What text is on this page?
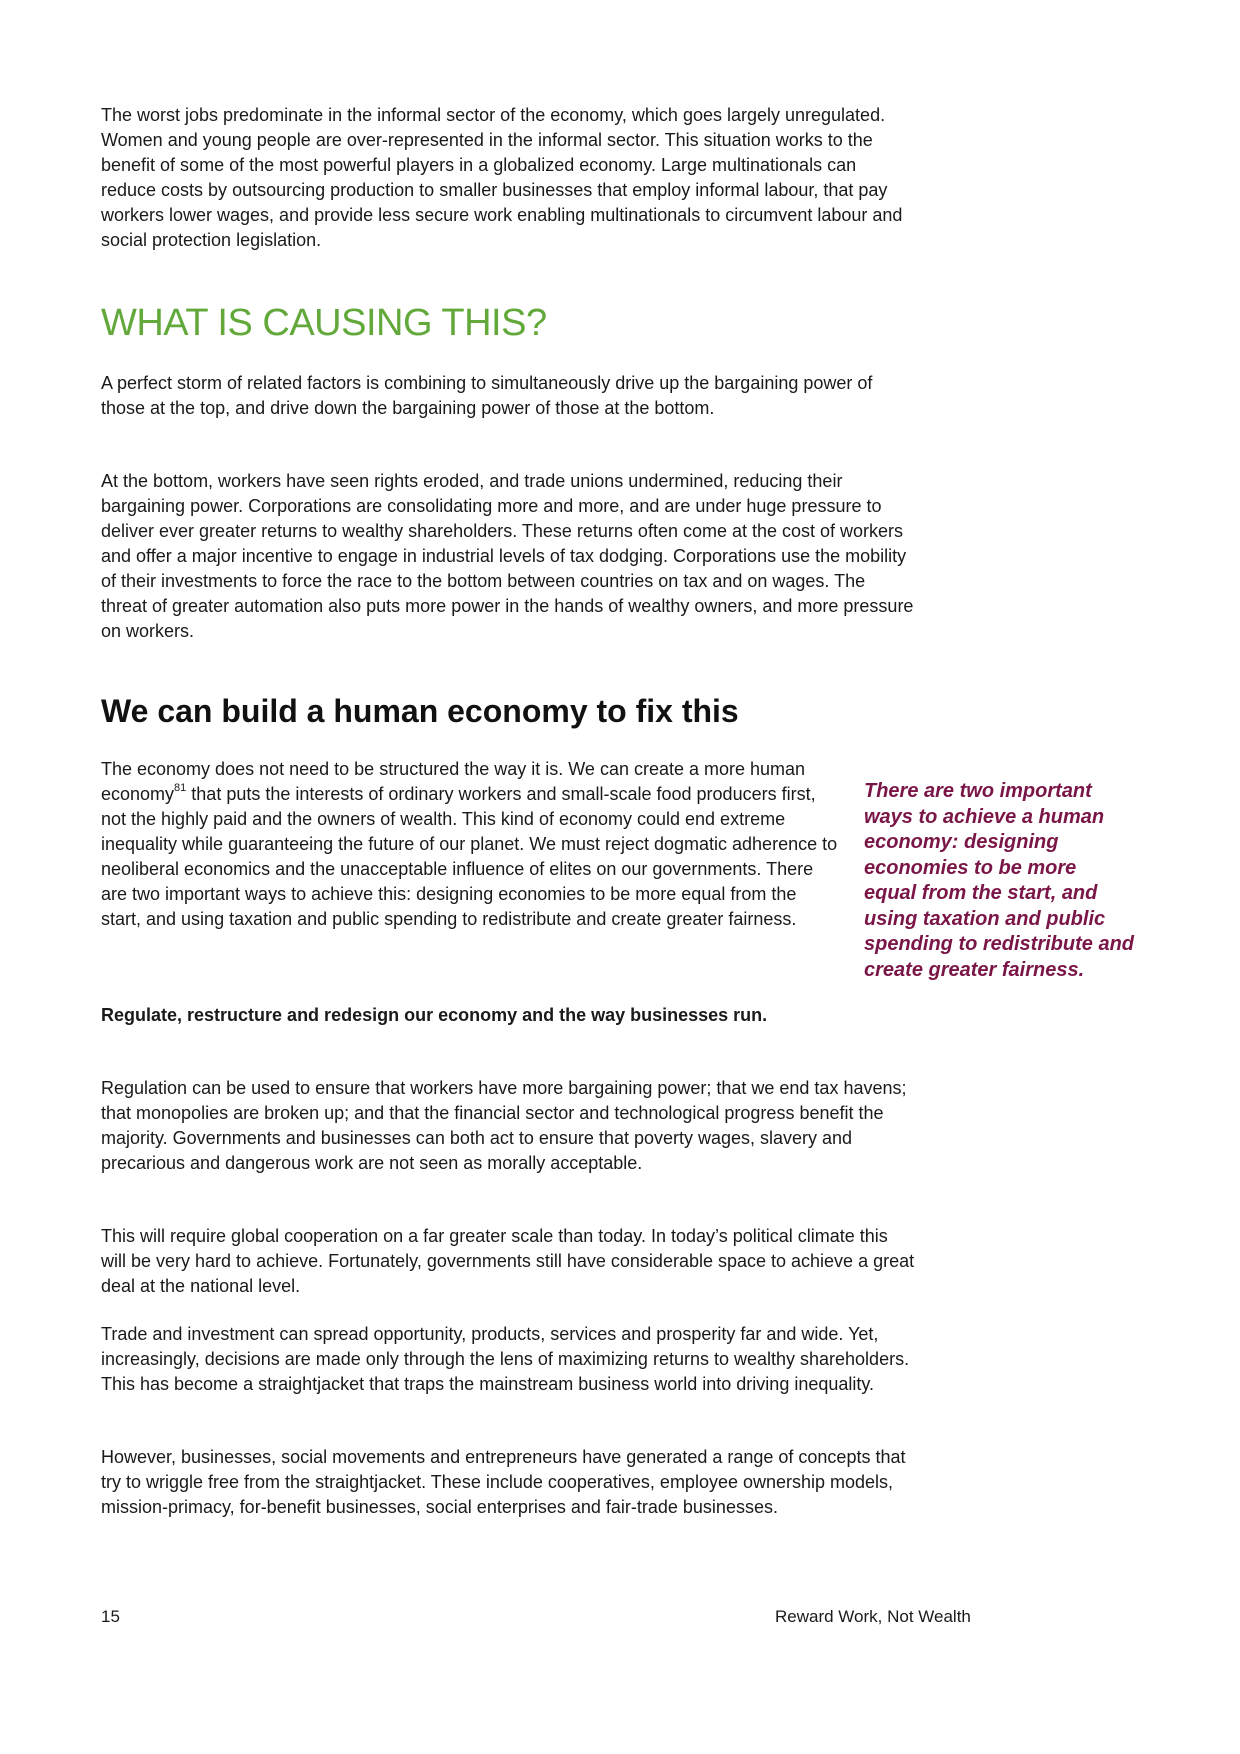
The worst jobs predominate in the informal sector of the economy, which goes largely unregulated. Women and young people are over-represented in the informal sector. This situation works to the benefit of some of the most powerful players in a globalized economy. Large multinationals can reduce costs by outsourcing production to smaller businesses that employ informal labour, that pay workers lower wages, and provide less secure work enabling multinationals to circumvent labour and social protection legislation.

WHAT IS CAUSING THIS?

A perfect storm of related factors is combining to simultaneously drive up the bargaining power of those at the top, and drive down the bargaining power of those at the bottom.

At the bottom, workers have seen rights eroded, and trade unions undermined, reducing their bargaining power. Corporations are consolidating more and more, and are under huge pressure to deliver ever greater returns to wealthy shareholders. These returns often come at the cost of workers and offer a major incentive to engage in industrial levels of tax dodging. Corporations use the mobility of their investments to force the race to the bottom between countries on tax and on wages. The threat of greater automation also puts more power in the hands of wealthy owners, and more pressure on workers.

We can build a human economy to fix this

The economy does not need to be structured the way it is. We can create a more human economy$^{81}$ that puts the interests of ordinary workers and small-scale food producers first, not the highly paid and the owners of wealth. This kind of economy could end extreme inequality while guaranteeing the future of our planet. We must reject dogmatic adherence to neoliberal economics and the unacceptable influence of elites on our governments. There are two important ways to achieve this: designing economies to be more equal from the start, and using taxation and public spending to redistribute and create greater fairness.

There are two important ways to achieve a human economy: designing economies to be more equal from the start, and using taxation and public spending to redistribute and create greater fairness.

Regulate, restructure and redesign our economy and the way businesses run.

Regulation can be used to ensure that workers have more bargaining power; that we end tax havens; that monopolies are broken up; and that the financial sector and technological progress benefit the majority. Governments and businesses can both act to ensure that poverty wages, slavery and precarious and dangerous work are not seen as morally acceptable.

This will require global cooperation on a far greater scale than today. In today’s political climate this will be very hard to achieve. Fortunately, governments still have considerable space to achieve a great deal at the national level.

Trade and investment can spread opportunity, products, services and prosperity far and wide. Yet, increasingly, decisions are made only through the lens of maximizing returns to wealthy shareholders. This has become a straightjacket that traps the mainstream business world into driving inequality.

However, businesses, social movements and entrepreneurs have generated a range of concepts that try to wriggle free from the straightjacket. These include cooperatives, employee ownership models, mission-primacy, for-benefit businesses, social enterprises and fair-trade businesses.

15	Reward Work, Not Wealth
